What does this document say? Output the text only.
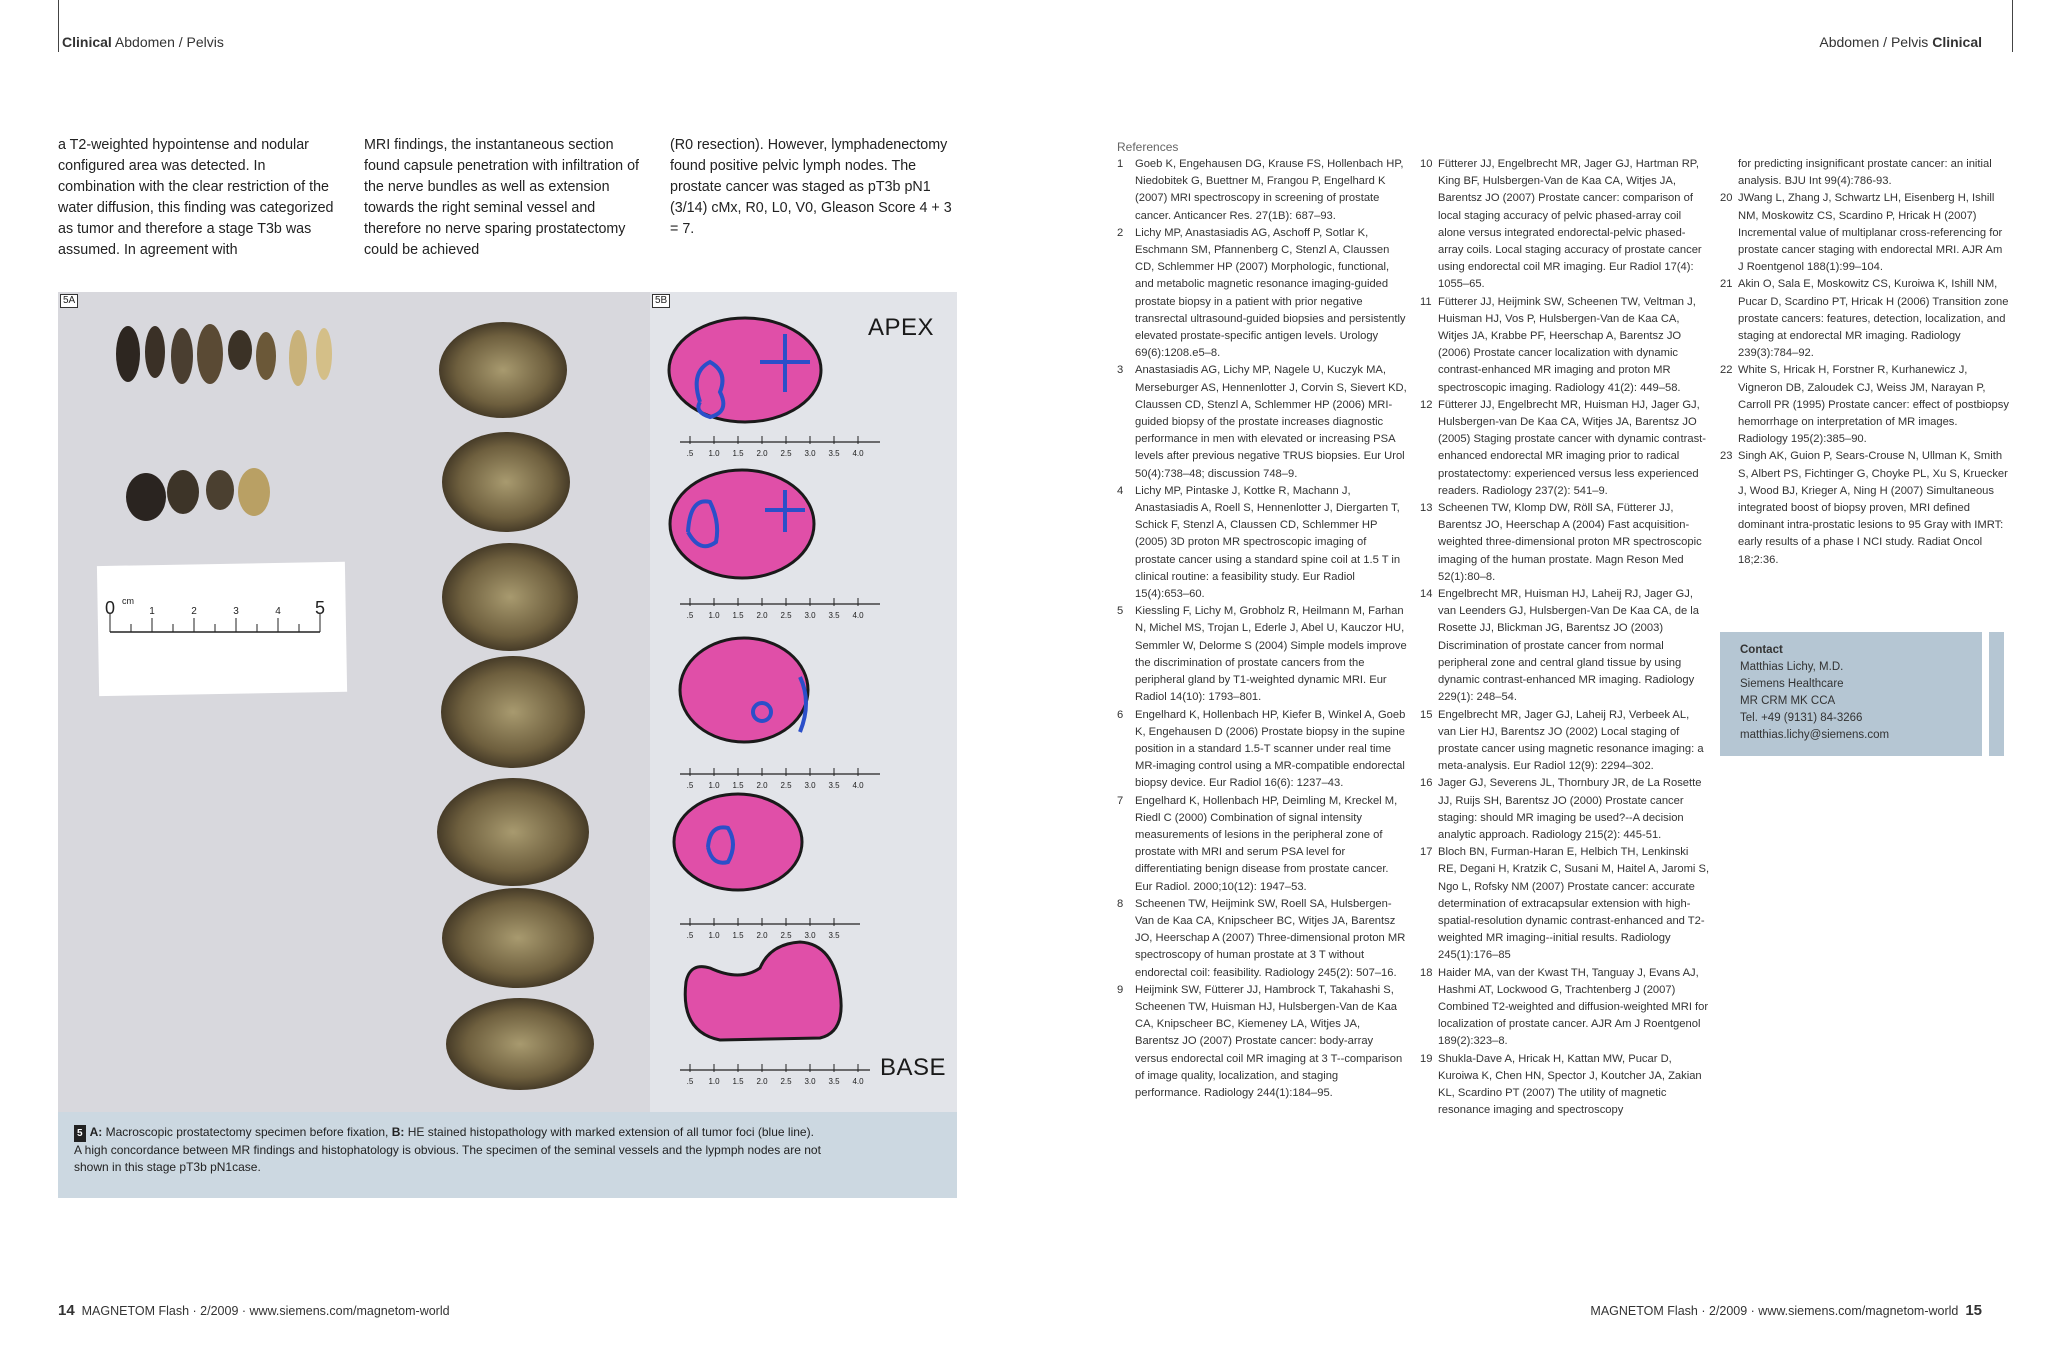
Clinical Abdomen / Pelvis	Abdomen / Pelvis Clinical

a T2-weighted hypointense and nodular configured area was detected. In combination with the clear restriction of the water diffusion, this finding was categorized as tumor and therefore a stage T3b was assumed. In agreement with

MRI findings, the instantaneous section found capsule penetration with infiltration of the nerve bundles as well as extension towards the right seminal vessel and therefore no nerve sparing prostatectomy could be achieved

(R0 resection). However, lymphadenectomy found positive pelvic lymph nodes. The prostate cancer was staged as pT3b pN1 (3/14) cMx, R0, L0, V0, Gleason Score 4 + 3 = 7.

0	1	2	3	4 5
cm
5A
.5 1.0 1.5 2.0 2.5 3.0 3.5 4.0
.5 1.0 1.5 2.0 2.5 3.0 3.5 4.0
.5 1.0 1.5 2.0 2.5 3.0 3.5 4.0
.5 1.0 1.5 2.0 2.5 3.0 3.5
.5 1.0 1.5 2.0 2.5 3.0 3.5 4.0
5B
APEX
BASE
5 A: Macroscopic prostatectomy specimen before fixation, B: HE stained histopathology with marked extension of all tumor foci (blue line).
A high concordance between MR findings and histophatology is obvious. The specimen of the seminal vessels and the lypmph nodes are not
shown in this stage pT3b pN1case.
References
1 Goeb K, Engehausen DG, Krause FS, Hollenbach HP, Niedobitek G, Buettner M, Frangou P, Engelhard K (2007) MRI spectroscopy in screening of prostate cancer. Anticancer Res. 27(1B): 687–93.
2 Lichy MP, Anastasiadis AG, Aschoff P, Sotlar K, Eschmann SM, Pfannenberg C, Stenzl A, Claussen CD, Schlemmer HP (2007) Morphologic, functional, and metabolic magnetic resonance imaging-guided prostate biopsy in a patient with prior negative transrectal ultrasound-guided biopsies and persistently elevated prostate-specific antigen levels. Urology 69(6):1208.e5–8.
3 Anastasiadis AG, Lichy MP, Nagele U, Kuczyk MA, Merseburger AS, Hennenlotter J, Corvin S, Sievert KD, Claussen CD, Stenzl A, Schlemmer HP (2006) MRI-guided biopsy of the prostate increases diagnostic performance in men with elevated or increasing PSA levels after previous negative TRUS biopsies. Eur Urol 50(4):738–48; discussion 748–9.
4 Lichy MP, Pintaske J, Kottke R, Machann J, Anastasiadis A, Roell S, Hennenlotter J, Diergarten T, Schick F, Stenzl A, Claussen CD, Schlemmer HP (2005) 3D proton MR spectroscopic imaging of prostate cancer using a standard spine coil at 1.5 T in clinical routine: a feasibility study. Eur Radiol 15(4):653–60.
5 Kiessling F, Lichy M, Grobholz R, Heilmann M, Farhan N, Michel MS, Trojan L, Ederle J, Abel U, Kauczor HU, Semmler W, Delorme S (2004) Simple models improve the discrimination of prostate cancers from the peripheral gland by T1-weighted dynamic MRI. Eur Radiol 14(10): 1793–801.
6 Engelhard K, Hollenbach HP, Kiefer B, Winkel A, Goeb K, Engehausen D (2006) Prostate biopsy in the supine position in a standard 1.5-T scanner under real time MR-imaging control using a MR-compatible endorectal biopsy device. Eur Radiol 16(6): 1237–43.
7 Engelhard K, Hollenbach HP, Deimling M, Kreckel M, Riedl C (2000) Combination of signal intensity measurements of lesions in the peripheral zone of prostate with MRI and serum PSA level for differentiating benign disease from prostate cancer. Eur Radiol. 2000;10(12): 1947–53.
8 Scheenen TW, Heijmink SW, Roell SA, Hulsbergen-Van de Kaa CA, Knipscheer BC, Witjes JA, Barentsz JO, Heerschap A (2007) Three-dimensional proton MR spectroscopy of human prostate at 3 T without endorectal coil: feasibility. Radiology 245(2): 507–16.
9 Heijmink SW, Fütterer JJ, Hambrock T, Takahashi S, Scheenen TW, Huisman HJ, Hulsbergen-Van de Kaa CA, Knipscheer BC, Kiemeney LA, Witjes JA, Barentsz JO (2007) Prostate cancer: body-array versus endorectal coil MR imaging at 3 T--comparison of image quality, localization, and staging performance. Radiology 244(1):184–95.
10 Fütterer JJ, Engelbrecht MR, Jager GJ, Hartman RP, King BF, Hulsbergen-Van de Kaa CA, Witjes JA, Barentsz JO (2007) Prostate cancer: comparison of local staging accuracy of pelvic phased-array coil alone versus integrated endorectal-pelvic phased-array coils. Local staging accuracy of prostate cancer using endorectal coil MR imaging. Eur Radiol 17(4): 1055–65.
11 Fütterer JJ, Heijmink SW, Scheenen TW, Veltman J, Huisman HJ, Vos P, Hulsbergen-Van de Kaa CA, Witjes JA, Krabbe PF, Heerschap A, Barentsz JO (2006) Prostate cancer localization with dynamic contrast-enhanced MR imaging and proton MR spectroscopic imaging. Radiology 41(2): 449–58.
12 Fütterer JJ, Engelbrecht MR, Huisman HJ, Jager GJ, Hulsbergen-van De Kaa CA, Witjes JA, Barentsz JO (2005) Staging prostate cancer with dynamic contrast-enhanced endorectal MR imaging prior to radical prostatectomy: experienced versus less experienced readers. Radiology 237(2): 541–9.
13 Scheenen TW, Klomp DW, Röll SA, Fütterer JJ, Barentsz JO, Heerschap A (2004) Fast acquisition-weighted three-dimensional proton MR spectroscopic imaging of the human prostate. Magn Reson Med 52(1):80–8.
14 Engelbrecht MR, Huisman HJ, Laheij RJ, Jager GJ, van Leenders GJ, Hulsbergen-Van De Kaa CA, de la Rosette JJ, Blickman JG, Barentsz JO (2003) Discrimination of prostate cancer from normal peripheral zone and central gland tissue by using dynamic contrast-enhanced MR imaging. Radiology 229(1): 248–54.
15 Engelbrecht MR, Jager GJ, Laheij RJ, Verbeek AL, van Lier HJ, Barentsz JO (2002) Local staging of prostate cancer using magnetic resonance imaging: a meta-analysis. Eur Radiol 12(9): 2294–302.
16 Jager GJ, Severens JL, Thornbury JR, de La Rosette JJ, Ruijs SH, Barentsz JO (2000) Prostate cancer staging: should MR imaging be used?--A decision analytic approach. Radiology 215(2): 445-51.
17 Bloch BN, Furman-Haran E, Helbich TH, Lenkinski RE, Degani H, Kratzik C, Susani M, Haitel A, Jaromi S, Ngo L, Rofsky NM (2007) Prostate cancer: accurate determination of extracapsular extension with high-spatial-resolution dynamic contrast-enhanced and T2-weighted MR imaging--initial results. Radiology 245(1):176–85
18 Haider MA, van der Kwast TH, Tanguay J, Evans AJ, Hashmi AT, Lockwood G, Trachtenberg J (2007) Combined T2-weighted and diffusion-weighted MRI for localization of prostate cancer. AJR Am J Roentgenol 189(2):323–8.
19 Shukla-Dave A, Hricak H, Kattan MW, Pucar D, Kuroiwa K, Chen HN, Spector J, Koutcher JA, Zakian KL, Scardino PT (2007) The utility of magnetic resonance imaging and spectroscopy
for predicting insignificant prostate cancer: an initial analysis. BJU Int 99(4):786-93.
20 JWang L, Zhang J, Schwartz LH, Eisenberg H, Ishill NM, Moskowitz CS, Scardino P, Hricak H (2007) Incremental value of multiplanar cross-referencing for prostate cancer staging with endorectal MRI. AJR Am J Roentgenol 188(1):99–104.
21 Akin O, Sala E, Moskowitz CS, Kuroiwa K, Ishill NM, Pucar D, Scardino PT, Hricak H (2006) Transition zone prostate cancers: features, detection, localization, and staging at endorectal MR imaging. Radiology 239(3):784–92.
22 White S, Hricak H, Forstner R, Kurhanewicz J, Vigneron DB, Zaloudek CJ, Weiss JM, Narayan P, Carroll PR (1995) Prostate cancer: effect of postbiopsy hemorrhage on interpretation of MR images. Radiology 195(2):385–90.
23 Singh AK, Guion P, Sears-Crouse N, Ullman K, Smith S, Albert PS, Fichtinger G, Choyke PL, Xu S, Kruecker J, Wood BJ, Krieger A, Ning H (2007) Simultaneous integrated boost of biopsy proven, MRI defined dominant intra-prostatic lesions to 95 Gray with IMRT: early results of a phase I NCI study. Radiat Oncol 18;2:36.
Contact
Matthias Lichy, M.D.
Siemens Healthcare
MR CRM MK CCA
Tel. +49 (9131) 84-3266
matthias.lichy@siemens.com
14 MAGNETOM Flash · 2/2009 · www.siemens.com/magnetom-world	MAGNETOM Flash · 2/2009 · www.siemens.com/magnetom-world 15
